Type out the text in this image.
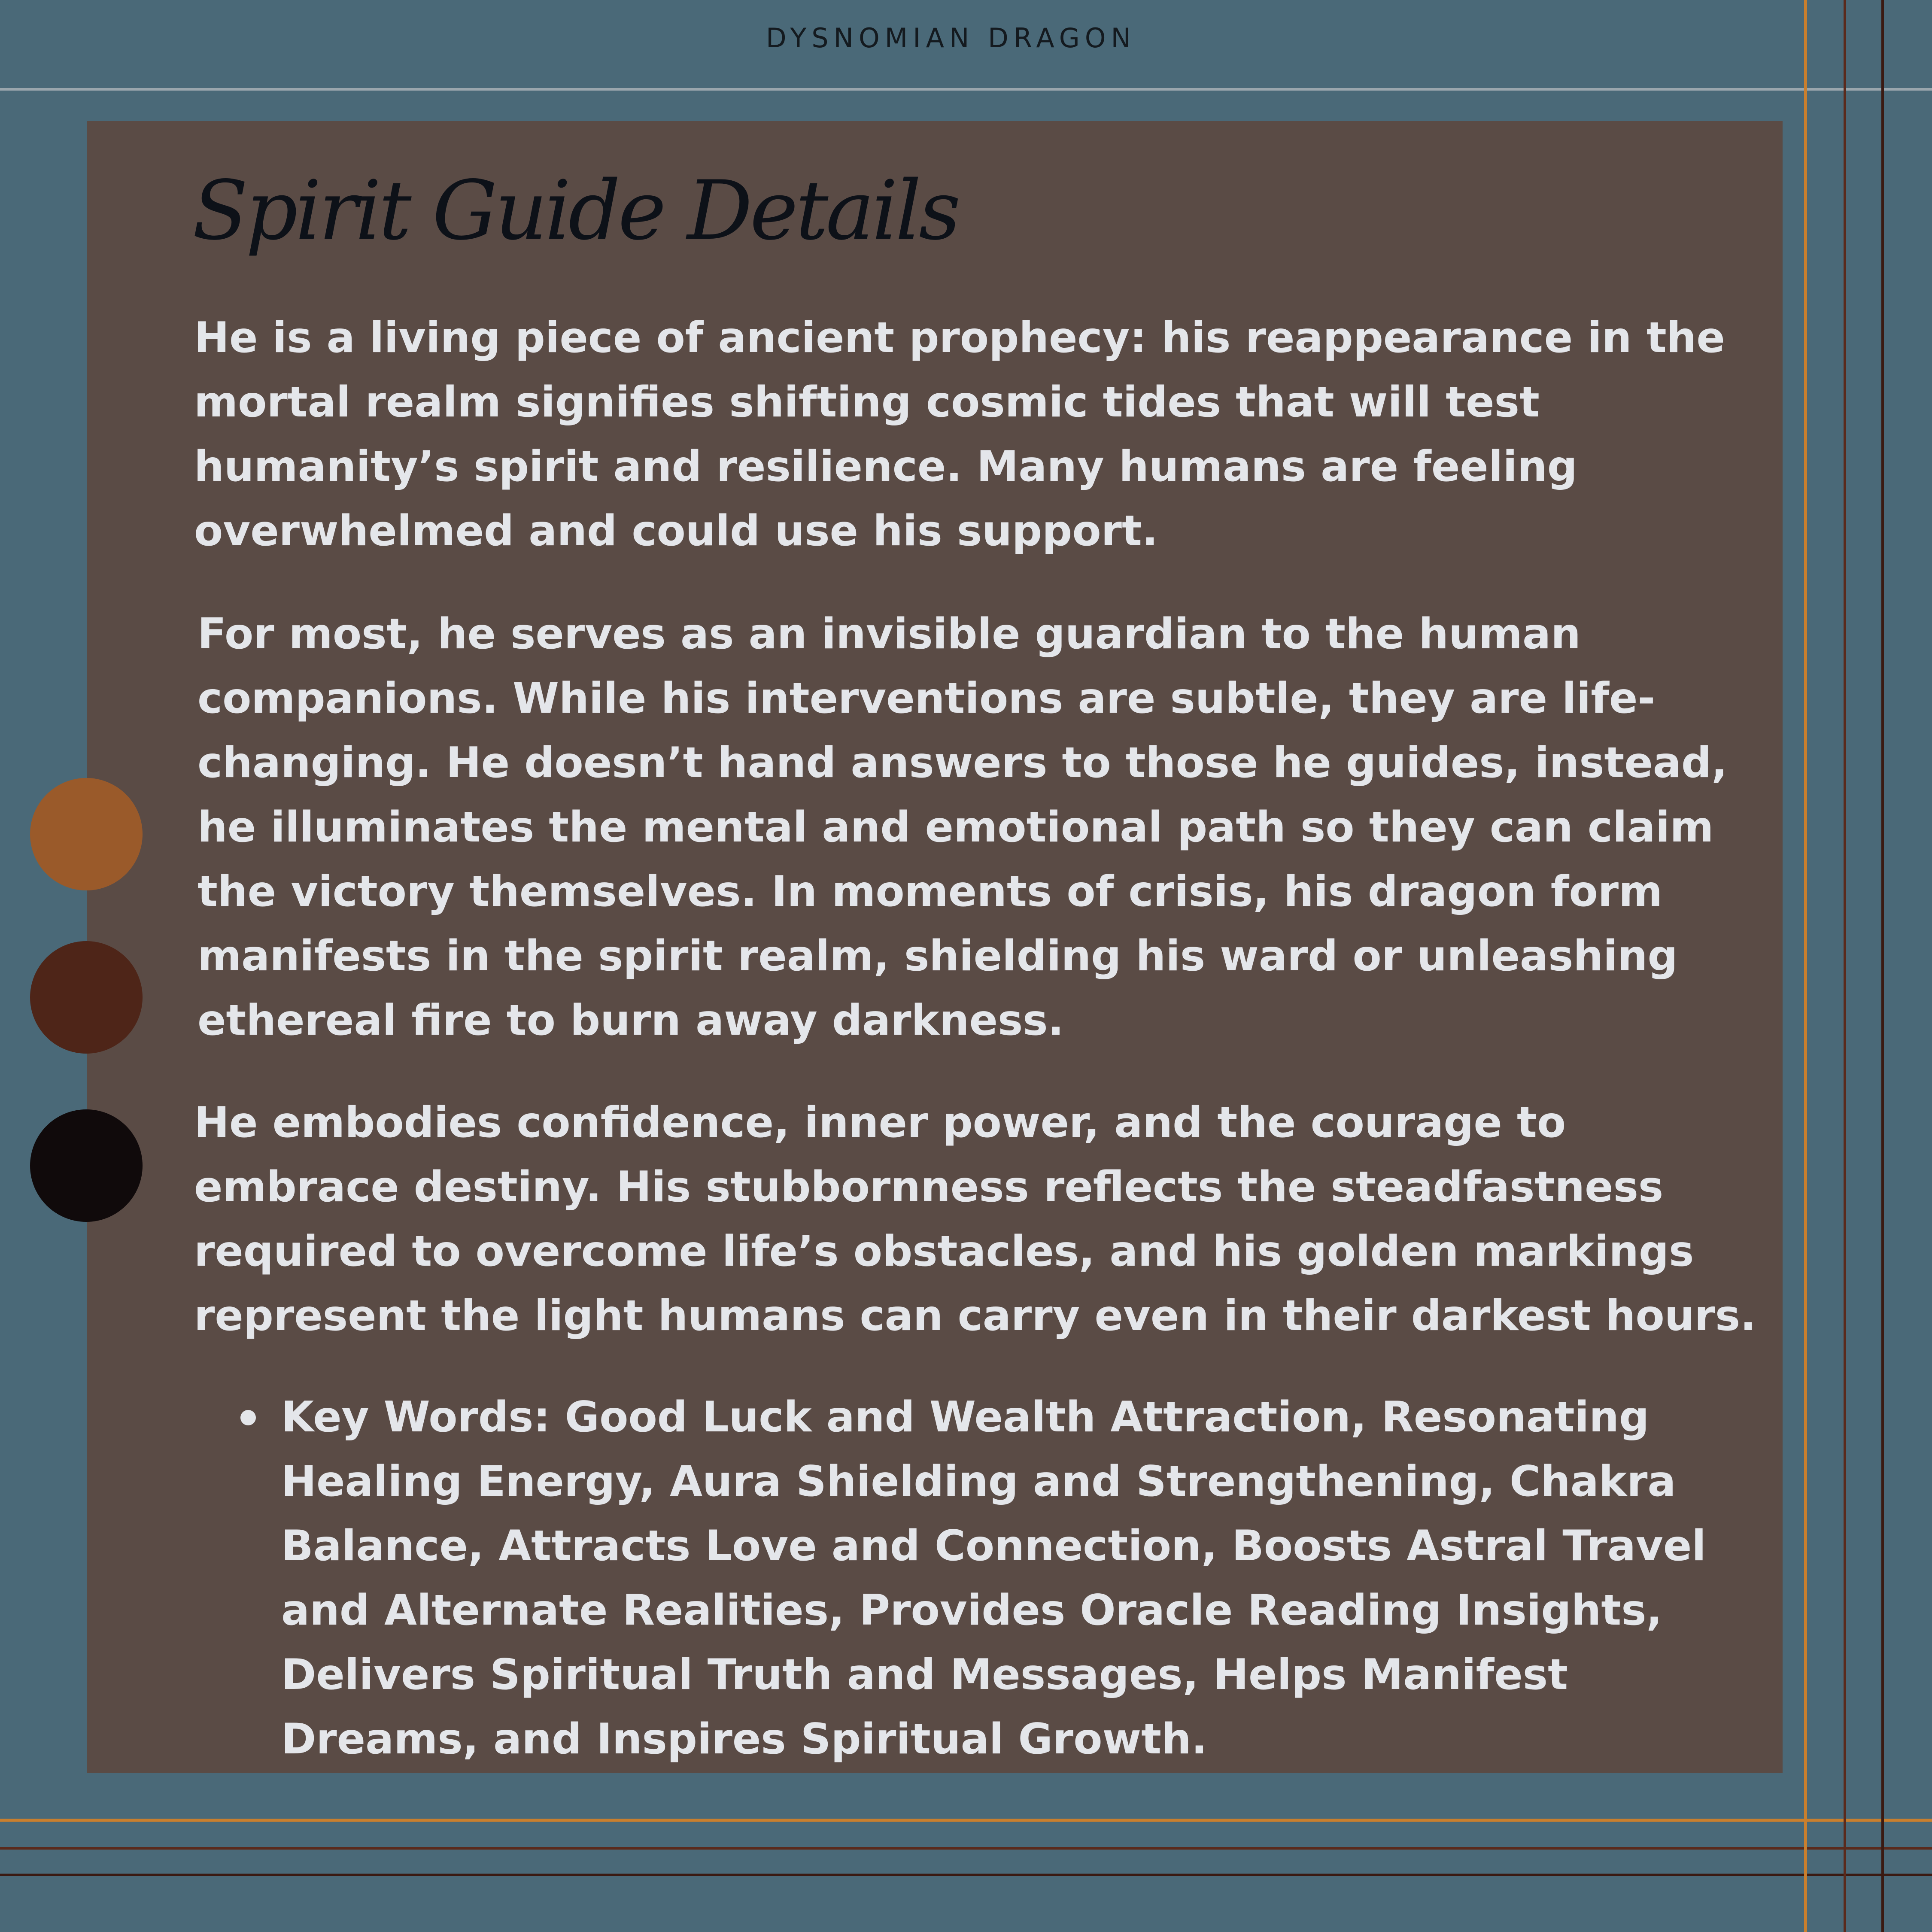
DYSNOMIAN DRAGON
Spirit Guide Details

He is a living piece of ancient prophecy: his reappearance in the mortal realm signifies shifting cosmic tides that will test humanity’s spirit and resilience. Many humans are feeling overwhelmed and could use his support.

For most, he serves as an invisible guardian to the human companions. While his interventions are subtle, they are life-changing. He doesn’t hand answers to those he guides, instead, he illuminates the mental and emotional path so they can claim the victory themselves. In moments of crisis, his dragon form manifests in the spirit realm, shielding his ward or unleashing ethereal fire to burn away darkness.

He embodies confidence, inner power, and the courage to embrace destiny. His stubbornness reflects the steadfastness required to overcome life’s obstacles, and his golden markings represent the light humans can carry even in their darkest hours.

Key Words: Good Luck and Wealth Attraction, Resonating Healing Energy, Aura Shielding and Strengthening, Chakra Balance, Attracts Love and Connection, Boosts Astral Travel and Alternate Realities, Provides Oracle Reading Insights, Delivers Spiritual Truth and Messages, Helps Manifest Dreams, and Inspires Spiritual Growth.
